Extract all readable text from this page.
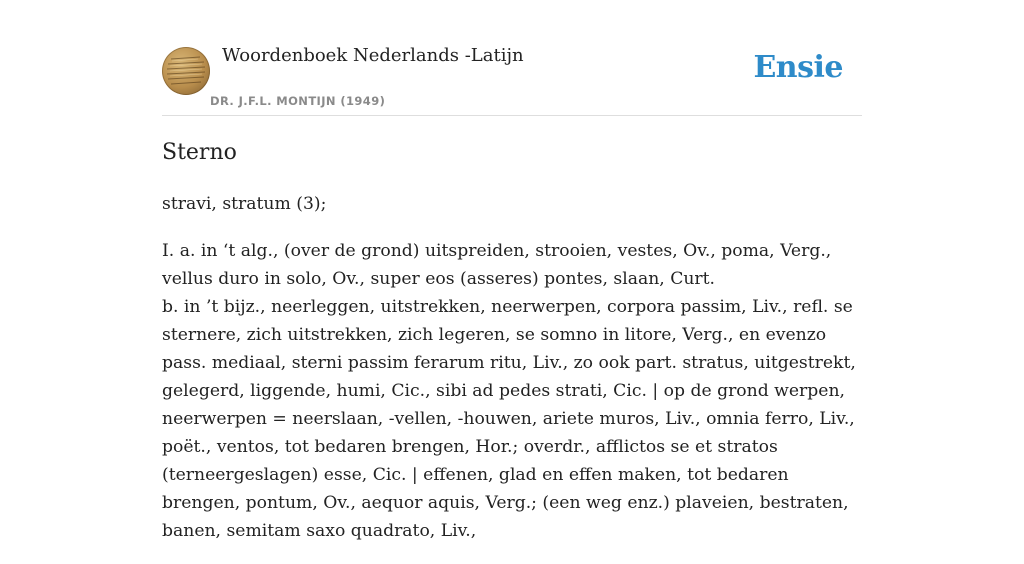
Woordenboek Nederlands -Latijn
DR. J.F.L. MONTIJN (1949)
Ensie
Sterno

stravi, stratum (3);

I. a. in ‘t alg., (over de grond) uitspreiden, strooien, vestes, Ov., poma, Verg., vellus duro in solo, Ov., super eos (asseres) pontes, slaan, Curt.
b. in ’t bijz., neerleggen, uitstrekken, neerwerpen, corpora passim, Liv., refl. se sternere, zich uitstrekken, zich legeren, se somno in litore, Verg., en evenzo pass. mediaal, sterni passim ferarum ritu, Liv., zo ook part. stratus, uitgestrekt, gelegerd, liggende, humi, Cic., sibi ad pedes strati, Cic. | op de grond werpen, neerwerpen = neerslaan, -vellen, -houwen, ariete muros, Liv., omnia ferro, Liv., poët., ventos, tot bedaren brengen, Hor.; overdr., afflictos se et stratos (terneergeslagen) esse, Cic. | effenen, glad en effen maken, tot bedaren brengen, pontum, Ov., aequor aquis, Verg.; (een weg enz.) plaveien, bestraten, banen, semitam saxo quadrato, Liv.,
